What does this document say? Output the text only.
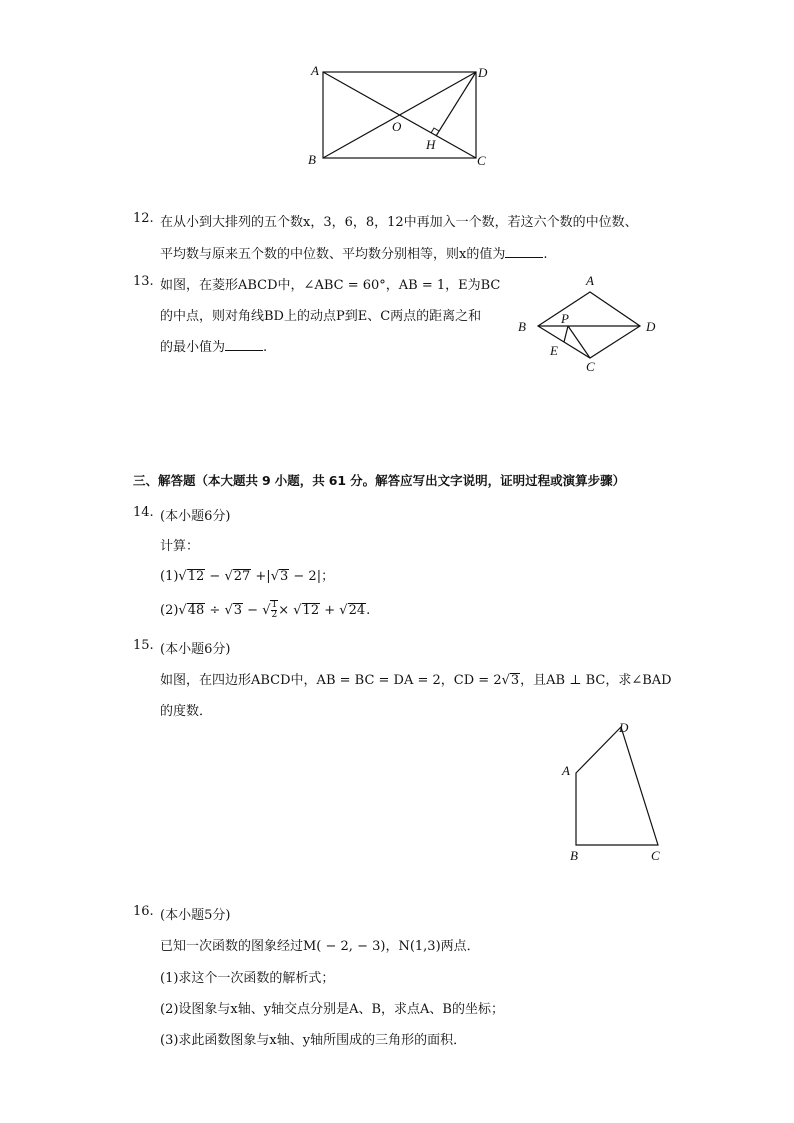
A	D
B	C
O
H
12. 在从小到大排列的五个数x，3，6，8，12中再加入一个数，若这六个数的中位数、
平均数与原来五个数的中位数、平均数分别相等，则x的值为	.
13. 如图，在菱形ABCD中，∠ABC = 60°，AB = 1，E为BC
的中点，则对角线BD上的动点P到E、C两点的距离之和
的最小值为	.
A
B	D
C
P
E
三、解答题（本大题共 9 小题，共 61 分。解答应写出文字说明，证明过程或演算步骤）
14. (本小题6分)
计算：
(1)√12 − √27 +|√3 − 2|；
(2)√48 ÷ √3 − √ $\frac{1}{2} \times √12 + √24$.
15. (本小题6分)
如图，在四边形ABCD中，AB = BC = DA = 2，CD = 2√3，且AB ⊥ BC，求∠BAD
的度数．
A
D
B	C
16. (本小题5分)
已知一次函数的图象经过M( − 2, − 3)，N(1,3)两点．
(1)求这个一次函数的解析式；
(2)设图象与x轴、y轴交点分别是A、B，求点A、B的坐标；
(3)求此函数图象与x轴、y轴所围成的三角形的面积．
